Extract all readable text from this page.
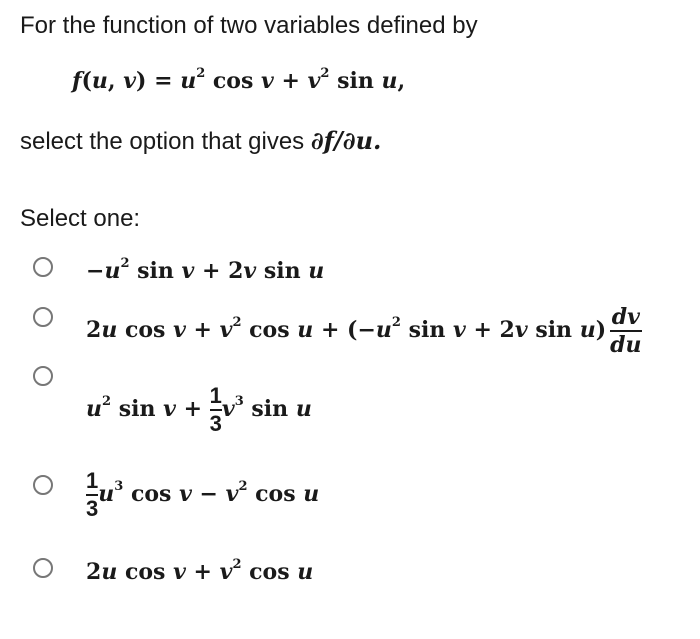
For the function of two variables defined by
f(u, $v) = u^2$ $\cos v + v^2$ sin u,
select the option that gives ∂f/∂u.
Select one:
$-u^2$ sin v + 2v sin u
2u $\cos v + v^2$ $\cos u + (-u^2$ sin v + 2v $\sin u) \frac{dv}{du}$
$u^2$ $\sin v + \frac{1}{3} v^3$ sin u
$\frac{1}{3} u^3$ $\cos v - v^2$ cos u
2u $\cos v + v^2$ cos u
